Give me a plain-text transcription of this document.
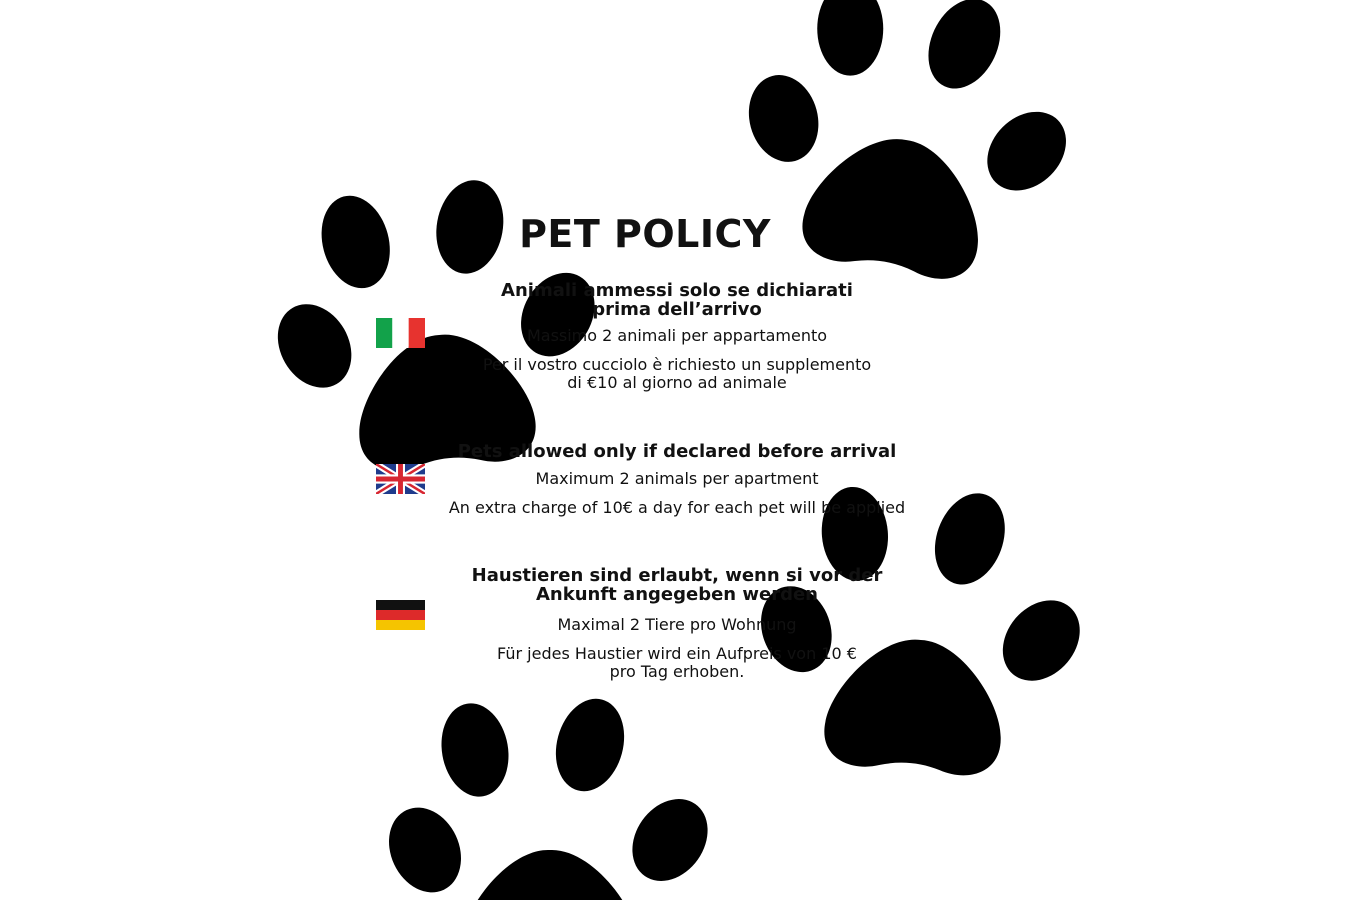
PET POLICY

Animali ammessi solo se dichiarati
prima dell’arrivo

Massimo 2 animali per appartamento

Per il vostro cucciolo è richiesto un supplemento
di €10 al giorno ad animale

Pets allowed only if declared before arrival

Maximum 2 animals per apartment

An extra charge of 10€ a day for each pet will be applied

Haustieren sind erlaubt, wenn si vor der
Ankunft angegeben werden

Maximal 2 Tiere pro Wohnung

Für jedes Haustier wird ein Aufpreis von 10 €
pro Tag erhoben.
